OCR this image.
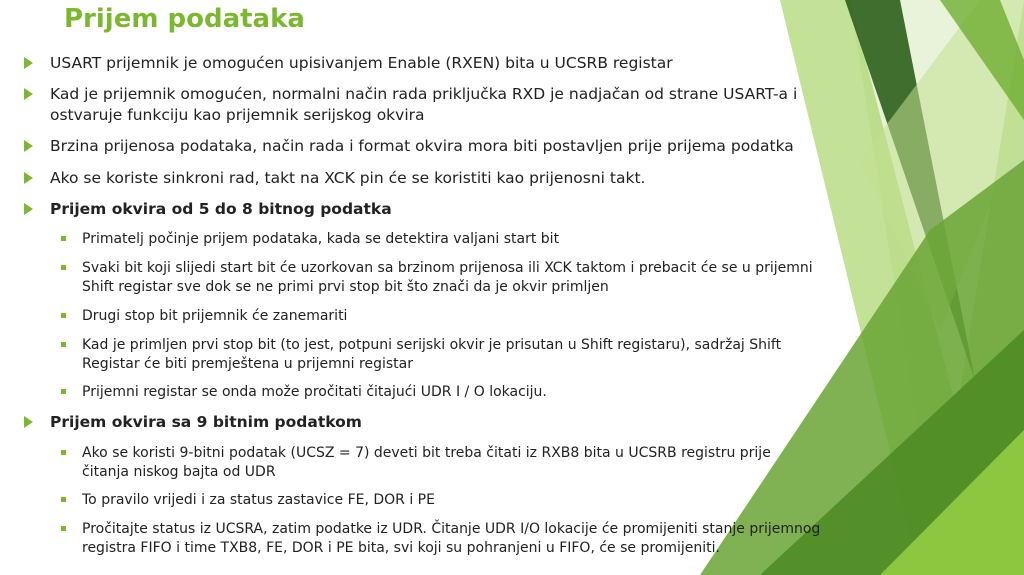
Prijem podataka
USART prijemnik je omogućen upisivanjem Enable (RXEN) bita u UCSRB registar
Kad je prijemnik omogućen, normalni način rada priključka RXD je nadjačan od strane USART-a i ostvaruje funkciju kao prijemnik serijskog okvira
Brzina prijenosa podataka, način rada i format okvira mora biti postavljen prije prijema podatka
Ako se koriste sinkroni rad, takt na XCK pin će se koristiti kao prijenosni takt.
Prijem okvira od 5 do 8 bitnog podatka
Primatelj počinje prijem podataka, kada se detektira valjani start bit
Svaki bit koji slijedi start bit će uzorkovan sa brzinom prijenosa ili XCK taktom i prebacit će se u prijemni Shift registar sve dok se ne primi prvi stop bit što znači da je okvir primljen
Drugi stop bit prijemnik će zanemariti
Kad je primljen prvi stop bit (to jest, potpuni serijski okvir je prisutan u Shift registaru), sadržaj Shift Registar će biti premještena u prijemni registar
Prijemni registar se onda može pročitati čitajući UDR I / O lokaciju.
Prijem okvira sa 9 bitnim podatkom
Ako se koristi 9-bitni podatak (UCSZ = 7) deveti bit treba čitati iz RXB8 bita u UCSRB registru prije čitanja niskog bajta od UDR
To pravilo vrijedi i za status zastavice FE, DOR i PE
Pročitajte status iz UCSRA, zatim podatke iz UDR. Čitanje UDR I/O lokacije će promijeniti stanje prijemnog registra FIFO i time TXB8, FE, DOR i PE bita, svi koji su pohranjeni u FIFO, će se promijeniti.
